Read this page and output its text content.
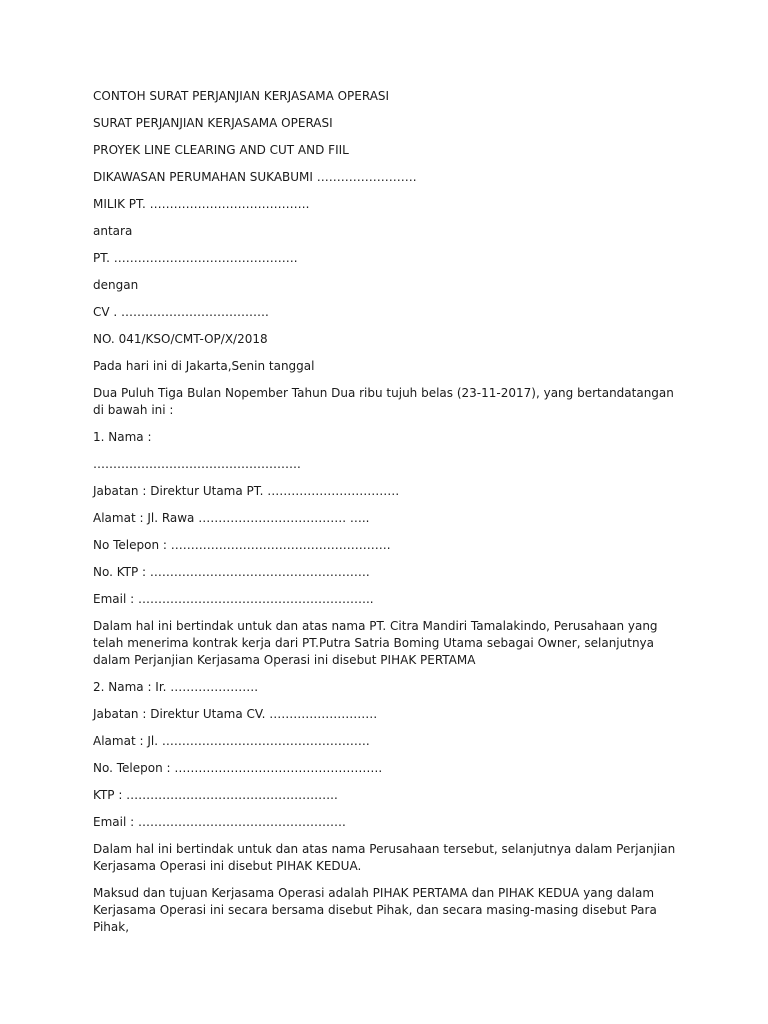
CONTOH SURAT PERJANJIAN KERJASAMA OPERASI
SURAT PERJANJIAN KERJASAMA OPERASI
PROYEK LINE CLEARING AND CUT AND FIIL
DIKAWASAN PERUMAHAN SUKABUMI …………………….
MILIK PT. ………………………………….
antara
PT. ……………………………………….
dengan
CV . ……………………………….
NO. 041/KSO/CMT-OP/X/2018
Pada hari ini di Jakarta,Senin tanggal
Dua Puluh Tiga Bulan Nopember Tahun Dua ribu tujuh belas (23-11-2017), yang bertandatangan di bawah ini :
1. Nama :
…………………………………………….
Jabatan : Direktur Utama PT. ……………………………
Alamat : Jl. Rawa ………………………………. …..
No Telepon : ……………………………………………….
No. KTP : ……………………………………………….
Email : …………………………………………………..
Dalam hal ini bertindak untuk dan atas nama PT. Citra Mandiri Tamalakindo, Perusahaan yang telah menerima kontrak kerja dari PT.Putra Satria Boming Utama sebagai Owner, selanjutnya dalam Perjanjian Kerjasama Operasi ini disebut PIHAK PERTAMA
2. Nama : Ir. ………………….
Jabatan : Direktur Utama CV. ………………………
Alamat : Jl. …………………………………………….
No. Telepon : …………………………………………….
KTP : ……………………………………………..
Email : …………………………………………….
Dalam hal ini bertindak untuk dan atas nama Perusahaan tersebut, selanjutnya dalam Perjanjian Kerjasama Operasi ini disebut PIHAK KEDUA.
Maksud dan tujuan Kerjasama Operasi adalah PIHAK PERTAMA dan PIHAK KEDUA yang dalam Kerjasama Operasi ini secara bersama disebut Pihak, dan secara masing-masing disebut Para Pihak,
